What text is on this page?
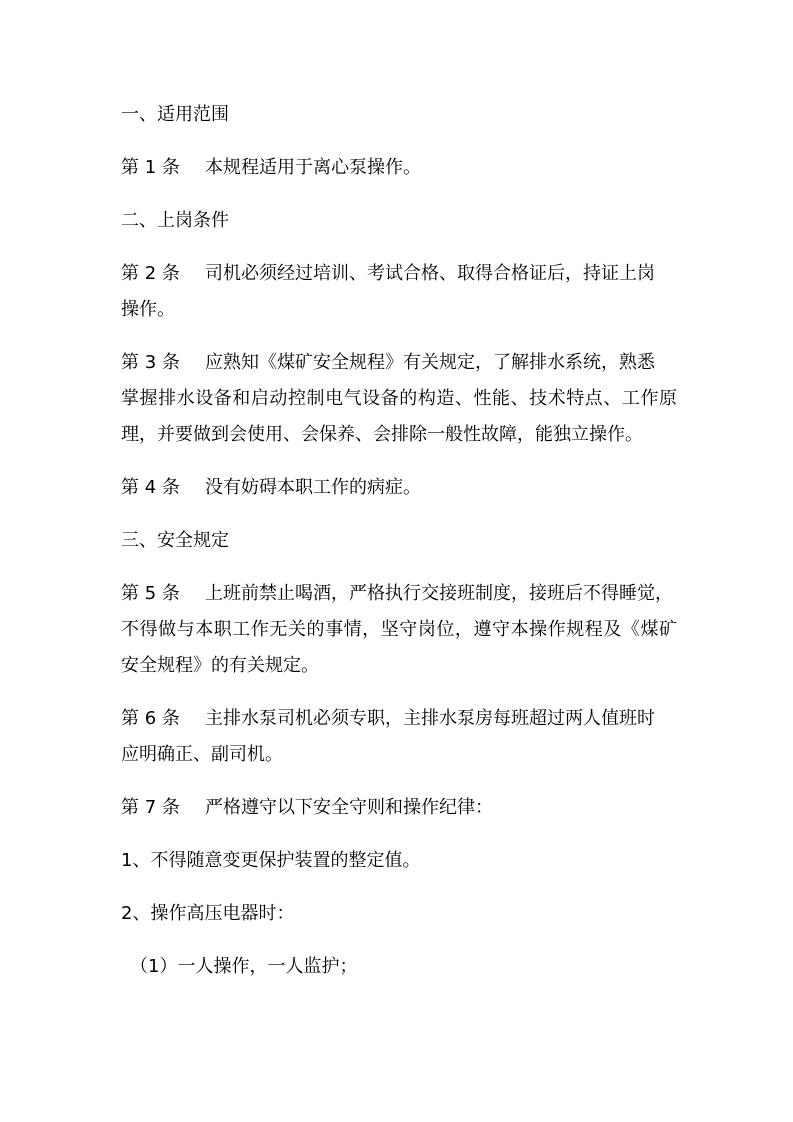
一、适用范围

第 1 条	本规程适用于离心泵操作。

二、上岗条件

第 2 条	司机必须经过培训、考试合格、取得合格证后，持证上岗
操作。
第 3 条	应熟知《煤矿安全规程》有关规定，了解排水系统，熟悉
掌握排水设备和启动控制电气设备的构造、性能、技术特点、工作原理，并要做到会使用、会保养、会排除一般性故障，能独立操作。
第 4 条	没有妨碍本职工作的病症。

三、安全规定

第 5 条	上班前禁止喝酒，严格执行交接班制度，接班后不得睡觉，
不得做与本职工作无关的事情，坚守岗位，遵守本操作规程及《煤矿安全规程》的有关规定。
第 6 条	主排水泵司机必须专职，主排水泵房每班超过两人值班时
应明确正、副司机。
第 7 条	严格遵守以下安全守则和操作纪律：

1、不得随意变更保护装置的整定值。

2、操作高压电器时：

（1）一人操作，一人监护；
